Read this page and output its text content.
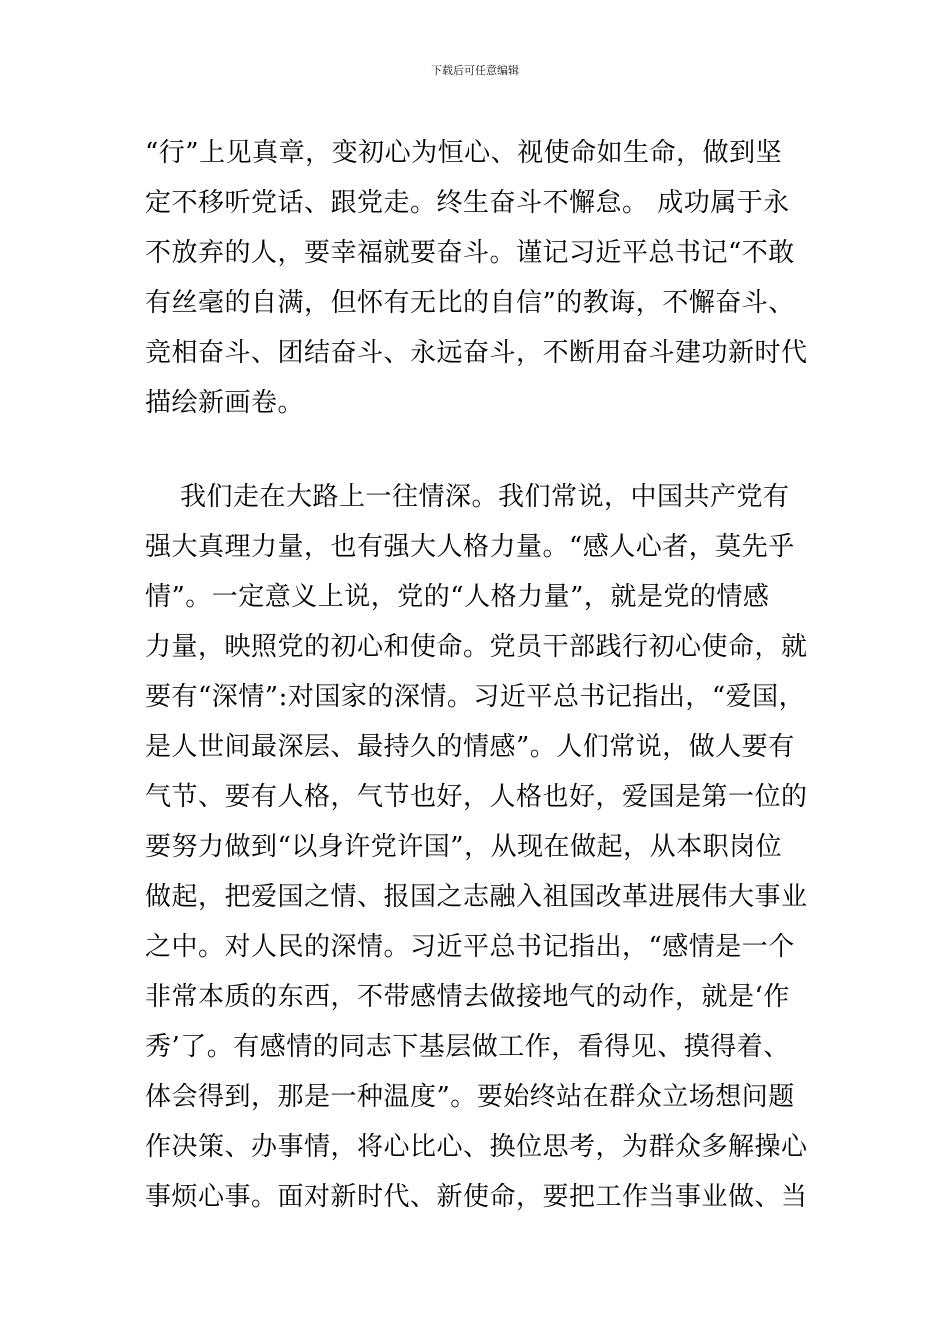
下载后可任意编辑
“行”上见真章，变初心为恒心、视使命如生命，做到坚
定不移听党话、跟党走。终生奋斗不懈怠。 成功属于永
不放弃的人，要幸福就要奋斗。谨记习近平总书记“不敢
有丝毫的自满，但怀有无比的自信”的教诲，不懈奋斗、
竞相奋斗、团结奋斗、永远奋斗，不断用奋斗建功新时代
描绘新画卷。
我们走在大路上一往情深。我们常说，中国共产党有
强大真理力量，也有强大人格力量。“感人心者，莫先乎
情”。一定意义上说，党的“人格力量”，就是党的情感
力量，映照党的初心和使命。党员干部践行初心使命，就
要有“深情”:对国家的深情。习近平总书记指出，“爱国，
是人世间最深层、最持久的情感”。人们常说，做人要有
气节、要有人格，气节也好，人格也好，爱国是第一位的
要努力做到“以身许党许国”，从现在做起，从本职岗位
做起，把爱国之情、报国之志融入祖国改革进展伟大事业
之中。对人民的深情。习近平总书记指出，“感情是一个
非常本质的东西，不带感情去做接地气的动作，就是‘作
秀’了。有感情的同志下基层做工作，看得见、摸得着、
体会得到，那是一种温度”。要始终站在群众立场想问题
作决策、办事情，将心比心、换位思考，为群众多解操心
事烦心事。面对新时代、新使命，要把工作当事业做、当
